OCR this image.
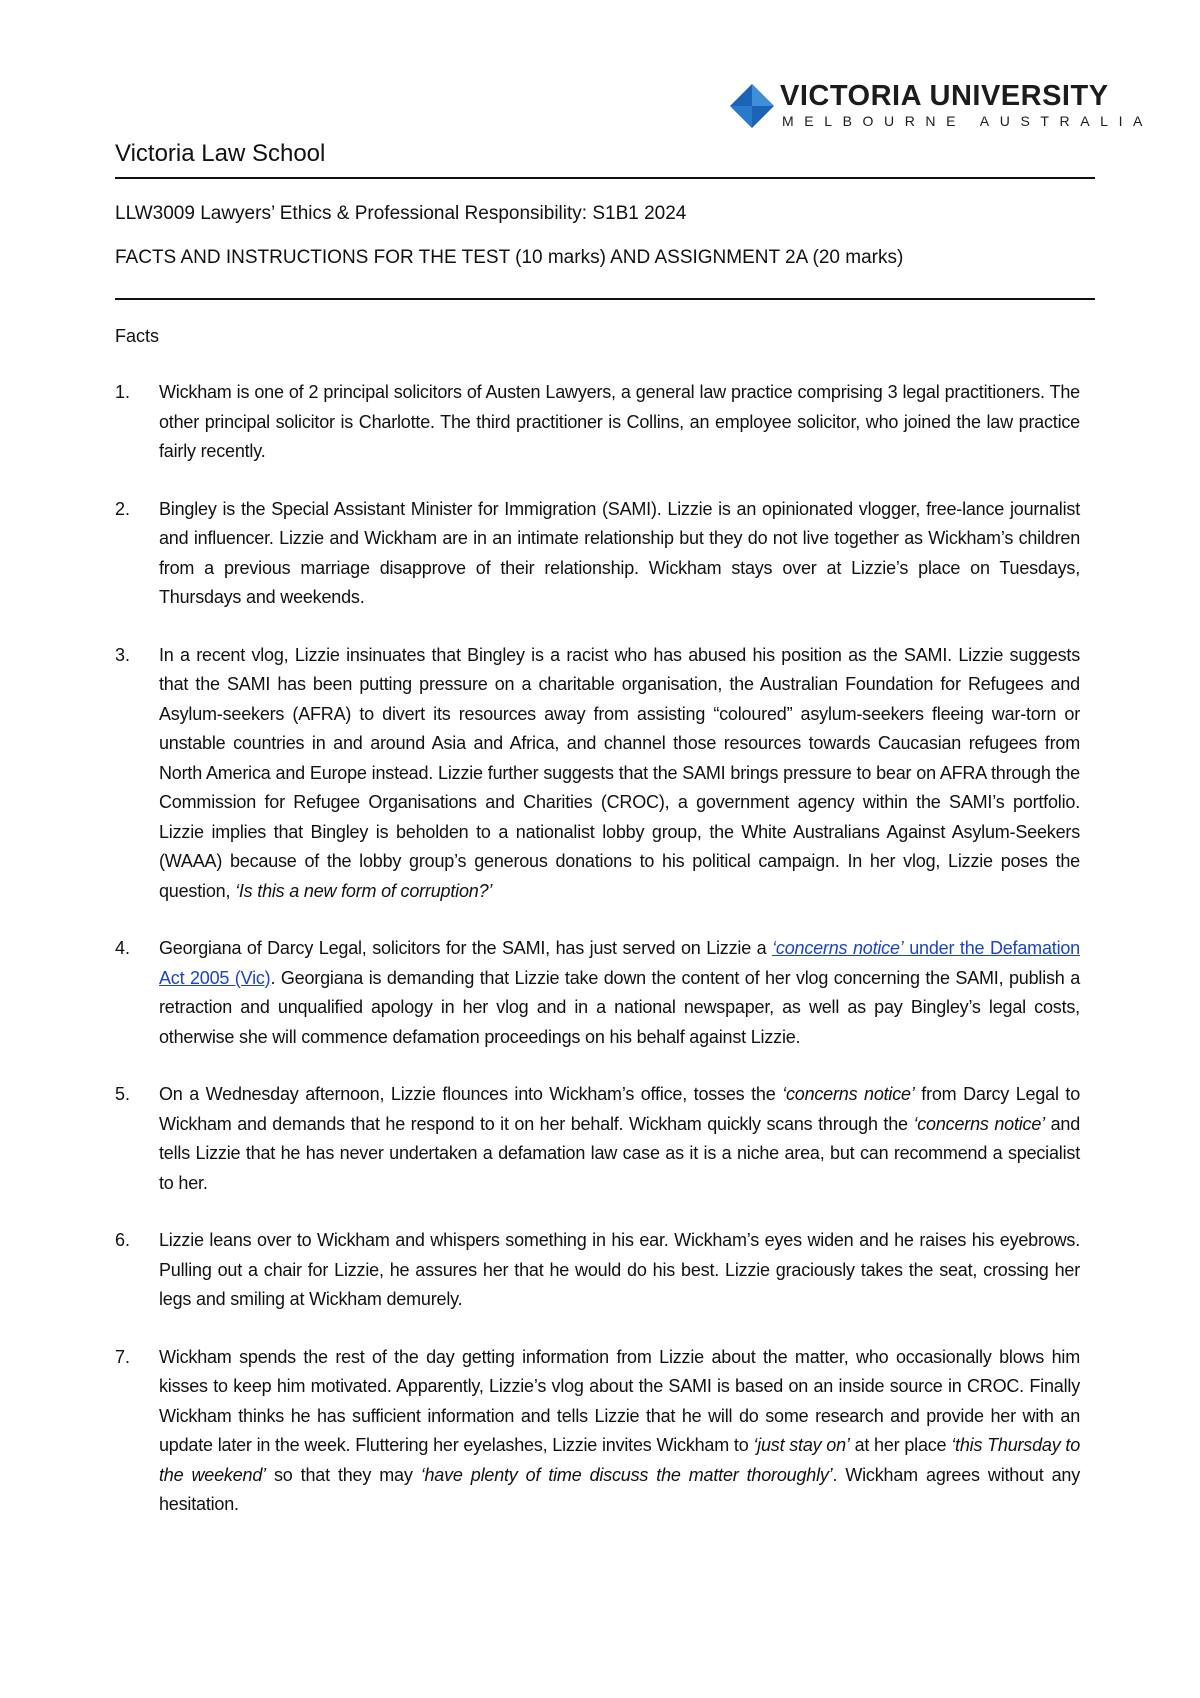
VICTORIA UNIVERSITY
MELBOURNE AUSTRALIA
Victoria Law School
LLW3009 Lawyers’ Ethics & Professional Responsibility: S1B1 2024
FACTS AND INSTRUCTIONS FOR THE TEST (10 marks) AND ASSIGNMENT 2A (20 marks)
Facts
1. Wickham is one of 2 principal solicitors of Austen Lawyers, a general law practice comprising 3 legal practitioners. The other principal solicitor is Charlotte. The third practitioner is Collins, an employee solicitor, who joined the law practice fairly recently.
2. Bingley is the Special Assistant Minister for Immigration (SAMI). Lizzie is an opinionated vlogger, free-lance journalist and influencer. Lizzie and Wickham are in an intimate relationship but they do not live together as Wickham’s children from a previous marriage disapprove of their relationship. Wickham stays over at Lizzie’s place on Tuesdays, Thursdays and weekends.
3. In a recent vlog, Lizzie insinuates that Bingley is a racist who has abused his position as the SAMI. Lizzie suggests that the SAMI has been putting pressure on a charitable organisation, the Australian Foundation for Refugees and Asylum-seekers (AFRA) to divert its resources away from assisting “coloured” asylum-seekers fleeing war-torn or unstable countries in and around Asia and Africa, and channel those resources towards Caucasian refugees from North America and Europe instead. Lizzie further suggests that the SAMI brings pressure to bear on AFRA through the Commission for Refugee Organisations and Charities (CROC), a government agency within the SAMI’s portfolio. Lizzie implies that Bingley is beholden to a nationalist lobby group, the White Australians Against Asylum-Seekers (WAAA) because of the lobby group’s generous donations to his political campaign. In her vlog, Lizzie poses the question, ‘Is this a new form of corruption?’
4. Georgiana of Darcy Legal, solicitors for the SAMI, has just served on Lizzie a ‘concerns notice’ under the Defamation Act 2005 (Vic). Georgiana is demanding that Lizzie take down the content of her vlog concerning the SAMI, publish a retraction and unqualified apology in her vlog and in a national newspaper, as well as pay Bingley’s legal costs, otherwise she will commence defamation proceedings on his behalf against Lizzie.
5. On a Wednesday afternoon, Lizzie flounces into Wickham’s office, tosses the ‘concerns notice’ from Darcy Legal to Wickham and demands that he respond to it on her behalf. Wickham quickly scans through the ‘concerns notice’ and tells Lizzie that he has never undertaken a defamation law case as it is a niche area, but can recommend a specialist to her.
6. Lizzie leans over to Wickham and whispers something in his ear. Wickham’s eyes widen and he raises his eyebrows. Pulling out a chair for Lizzie, he assures her that he would do his best. Lizzie graciously takes the seat, crossing her legs and smiling at Wickham demurely.
7. Wickham spends the rest of the day getting information from Lizzie about the matter, who occasionally blows him kisses to keep him motivated. Apparently, Lizzie’s vlog about the SAMI is based on an inside source in CROC. Finally Wickham thinks he has sufficient information and tells Lizzie that he will do some research and provide her with an update later in the week. Fluttering her eyelashes, Lizzie invites Wickham to ‘just stay on’ at her place ‘this Thursday to the weekend’ so that they may ‘have plenty of time discuss the matter thoroughly’. Wickham agrees without any hesitation.
